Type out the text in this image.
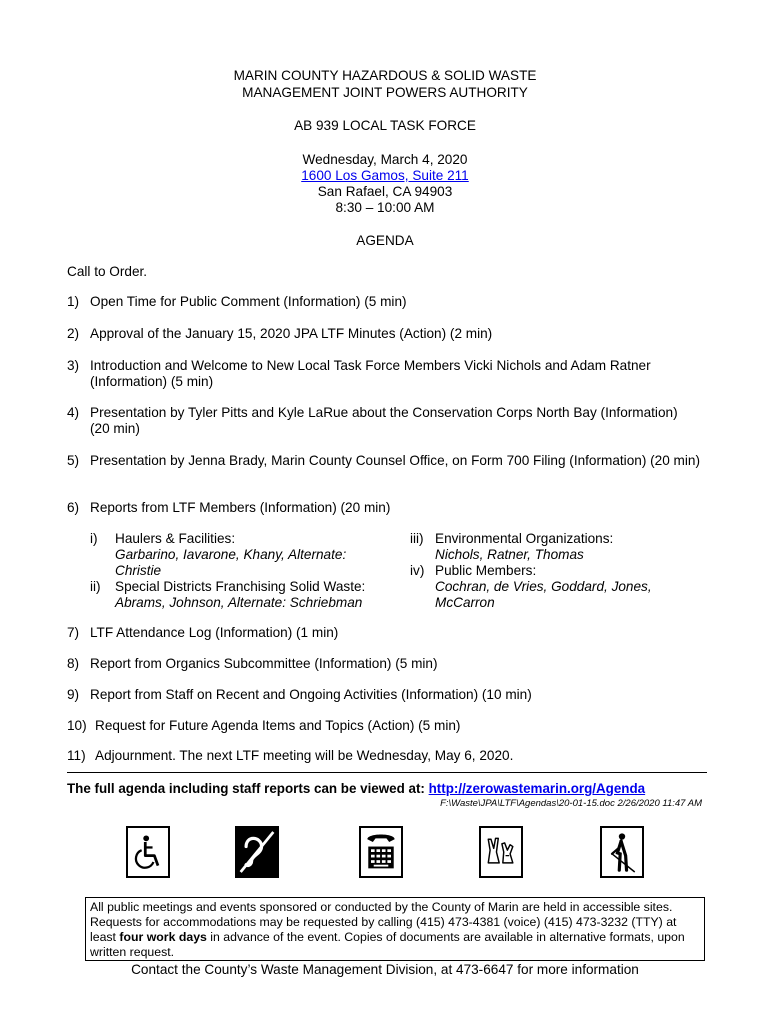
MARIN COUNTY HAZARDOUS & SOLID WASTE
MANAGEMENT JOINT POWERS AUTHORITY
AB 939 LOCAL TASK FORCE
Wednesday, March 4, 2020
1600 Los Gamos, Suite 211
San Rafael, CA 94903
8:30 – 10:00 AM
AGENDA
Call to Order.
1) Open Time for Public Comment (Information) (5 min)
2) Approval of the January 15, 2020 JPA LTF Minutes (Action) (2 min)
3) Introduction and Welcome to New Local Task Force Members Vicki Nichols and Adam Ratner (Information) (5 min)
4) Presentation by Tyler Pitts and Kyle LaRue about the Conservation Corps North Bay (Information) (20 min)
5) Presentation by Jenna Brady, Marin County Counsel Office, on Form 700 Filing (Information) (20 min)
6) Reports from LTF Members (Information) (20 min)
i) Haulers & Facilities:
Garbarino, Iavarone, Khany, Alternate:
Christie
ii) Special Districts Franchising Solid Waste:
Abrams, Johnson, Alternate: Schriebman
iii) Environmental Organizations:
Nichols, Ratner, Thomas
iv) Public Members:
Cochran, de Vries, Goddard, Jones,
McCarron
7) LTF Attendance Log (Information) (1 min)
8) Report from Organics Subcommittee (Information) (5 min)
9) Report from Staff on Recent and Ongoing Activities (Information) (10 min)
10) Request for Future Agenda Items and Topics (Action) (5 min)
11) Adjournment. The next LTF meeting will be Wednesday, May 6, 2020.
The full agenda including staff reports can be viewed at: http://zerowastemarin.org/Agenda
F:\Waste\JPA\LTF\Agendas\20-01-15.doc 2/26/2020 11:47 AM
All public meetings and events sponsored or conducted by the County of Marin are held in accessible sites. Requests for accommodations may be requested by calling (415) 473-4381 (voice) (415) 473-3232 (TTY) at least four work days in advance of the event. Copies of documents are available in alternative formats, upon written request.
Contact the County’s Waste Management Division, at 473-6647 for more information
